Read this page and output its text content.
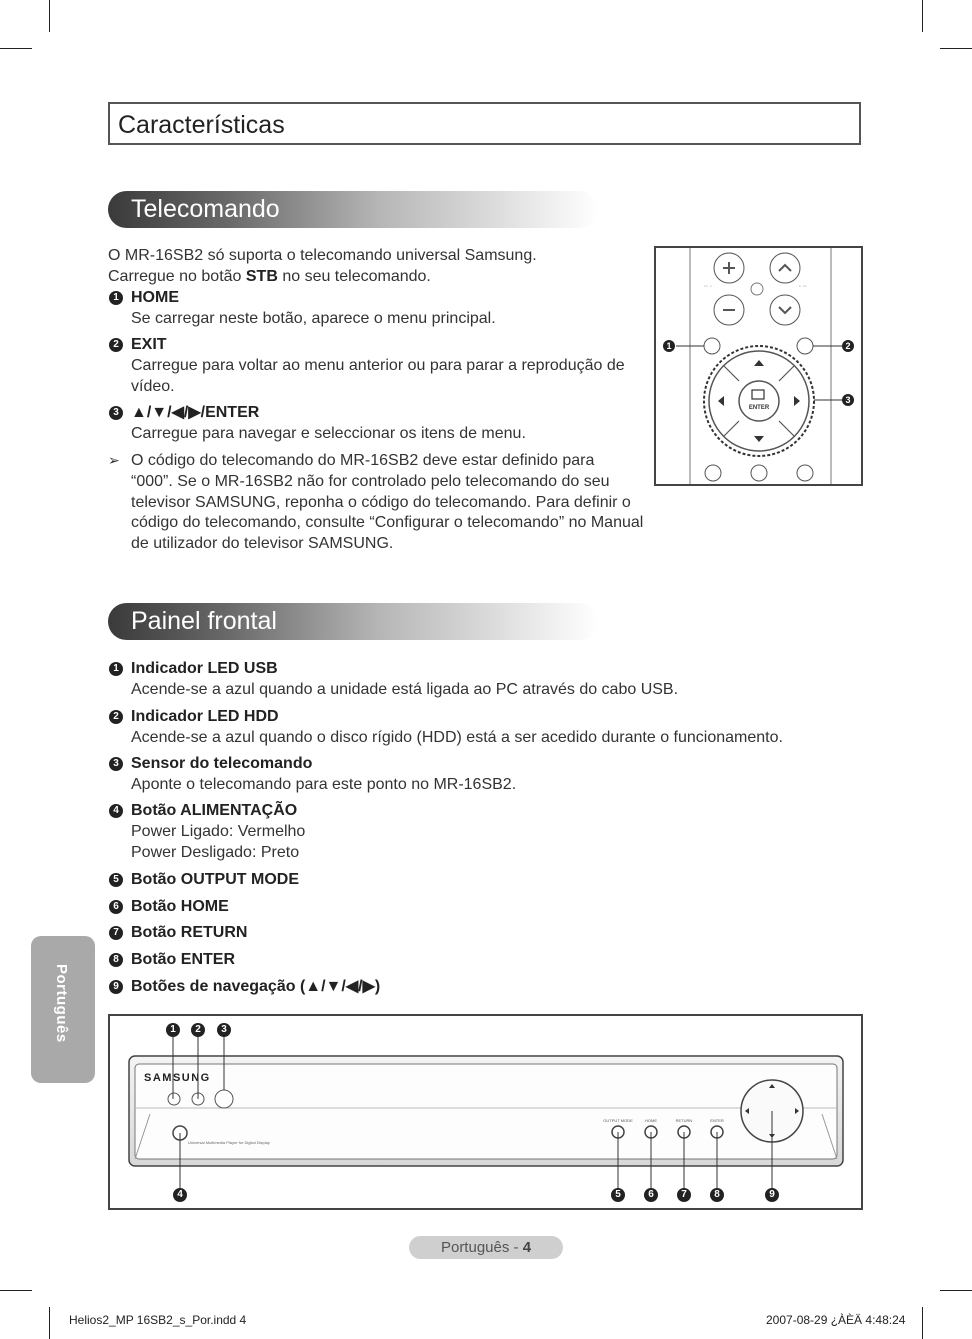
Características
Telecomando
O MR-16SB2 só suporta o telecomando universal Samsung.
Carregue no botão STB no seu telecomando.
1 HOME
Se carregar neste botão, aparece o menu principal.
2 EXIT
Carregue para voltar ao menu anterior ou para parar a reprodução de
vídeo.
3 ▲/▼/◀/▶/ENTER
Carregue para navegar e seleccionar os itens de menu.
➢ O código do telecomando do MR-16SB2 deve estar definido para
“000”. Se o MR-16SB2 não for controlado pelo telecomando do seu
televisor SAMSUNG, reponha o código do telecomando. Para definir o
código do telecomando, consulte “Configurar o telecomando” no Manual
de utilizador do televisor SAMSUNG.
◦◦ ◦	◦ ◦◦
ENTER
1	2
3
Painel frontal
1 Indicador LED USB
Acende-se a azul quando a unidade está ligada ao PC através do cabo USB.
2 Indicador LED HDD
Acende-se a azul quando o disco rígido (HDD) está a ser acedido durante o funcionamento.
3 Sensor do telecomando
Aponte o telecomando para este ponto no MR-16SB2.
4 Botão ALIMENTAÇÃO
Power Ligado: Vermelho
Power Desligado: Preto
5 Botão OUTPUT MODE
6 Botão HOME
7 Botão RETURN
8 Botão ENTER
9 Botões de navegação (▲/▼/◀/▶)
SAMSUNG
Universal Multimedia Player for Digital Display
OUTPUT MODE	HOME	RETURN	ENTER
1	2	3
4	5	6	7	8	9
Português
Português - 4
Helios2_MP 16SB2_s_Por.indd 4	2007-08-29 ¿ÀÈÄ 4:48:24
